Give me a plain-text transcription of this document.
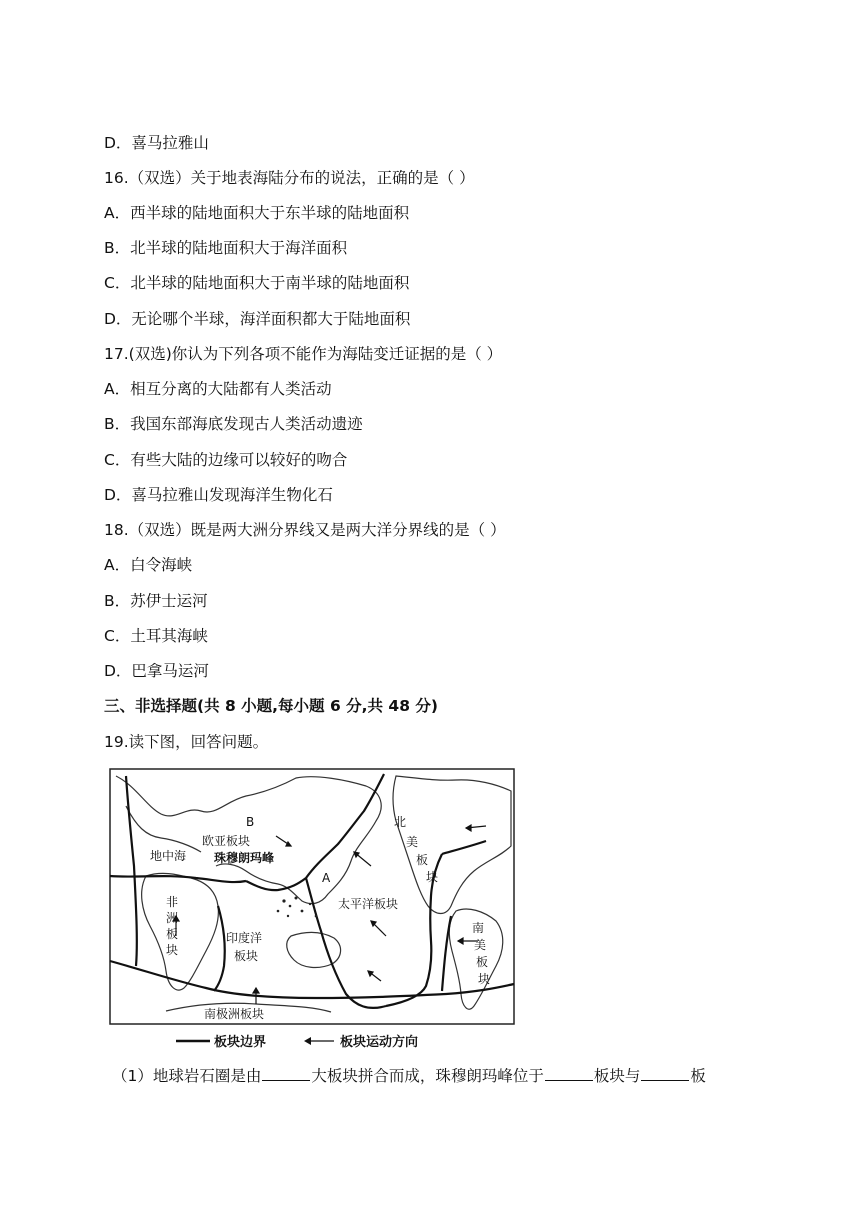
D．喜马拉雅山
16.（双选）关于地表海陆分布的说法，正确的是（ ）
A．西半球的陆地面积大于东半球的陆地面积
B．北半球的陆地面积大于海洋面积
C．北半球的陆地面积大于南半球的陆地面积
D．无论哪个半球，海洋面积都大于陆地面积
17.(双选)你认为下列各项不能作为海陆变迁证据的是（ ）
A．相互分离的大陆都有人类活动
B．我国东部海底发现古人类活动遗迹
C．有些大陆的边缘可以较好的吻合
D．喜马拉雅山发现海洋生物化石
18.（双选）既是两大洲分界线又是两大洋分界线的是（ ）
A．白令海峡
B．苏伊士运河
C．土耳其海峡
D．巴拿马运河
三、非选择题(共 8 小题,每小题 6 分,共 48 分)
19.读下图，回答问题。
B
欧亚板块
地中海 珠穆朗玛峰
A
北
美
板
块
非
洲
板
块
太平洋板块
印度洋
板块
南
美
板
块
南极洲板块
板块边界	板块运动方向
（1）地球岩石圈是由	大板块拼合而成，珠穆朗玛峰位于	板块与	板
